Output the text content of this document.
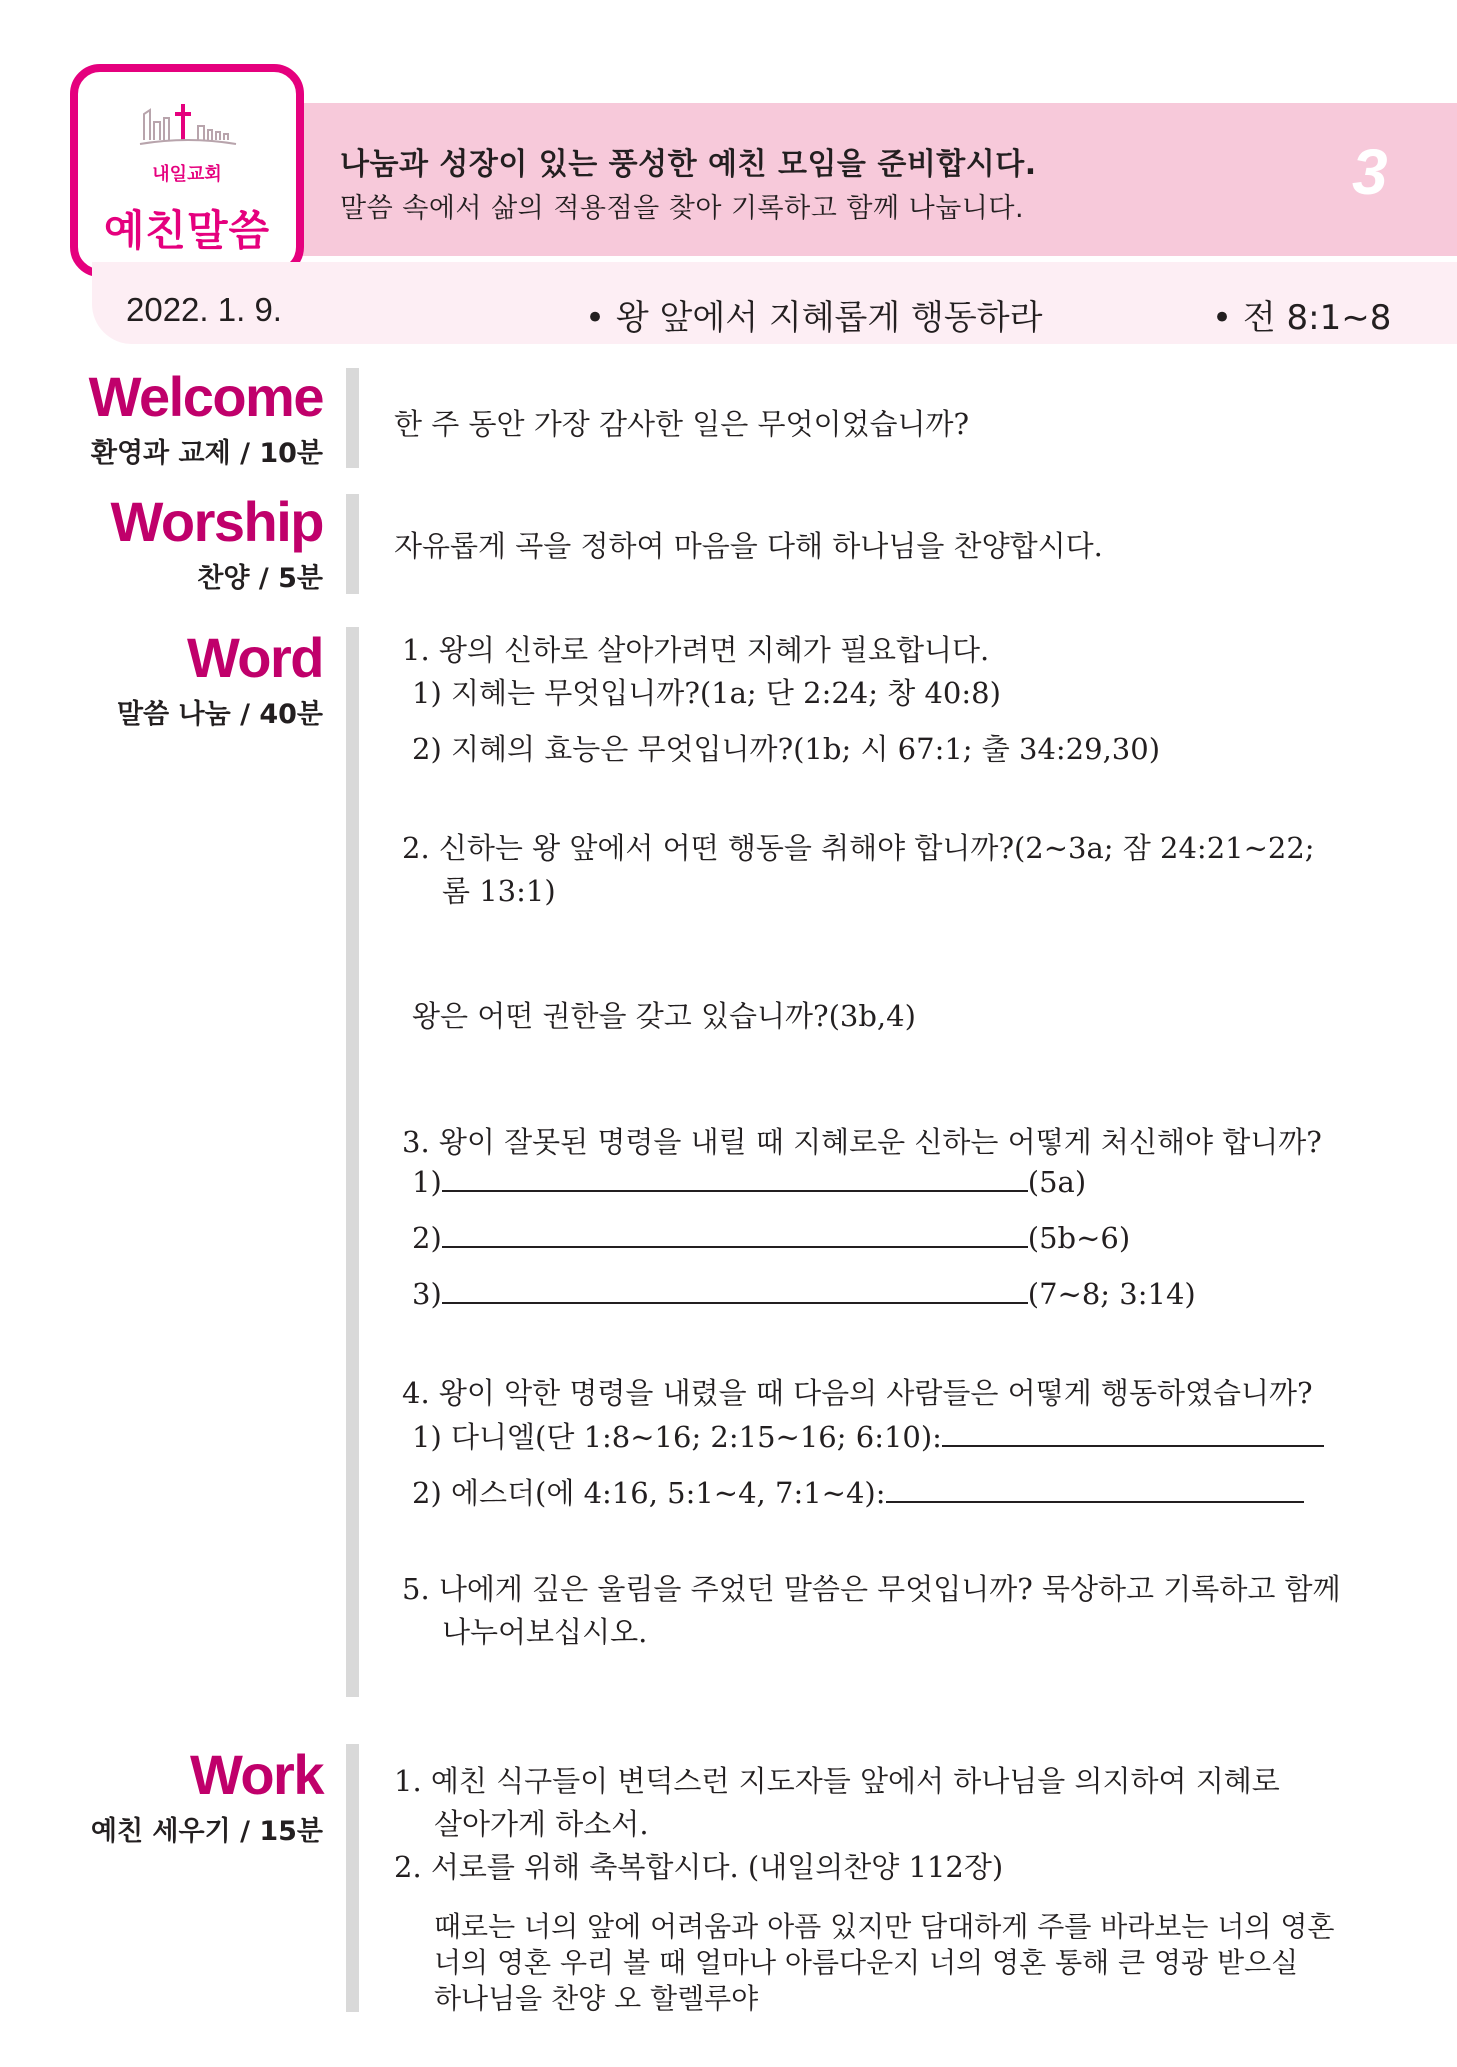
나눔과 성장이 있는 풍성한 예친 모임을 준비합시다.
말씀 속에서 삶의 적용점을 찾아 기록하고 함께 나눕니다.
3
내일교회
예친말씀
2022. 1. 9.	• 왕 앞에서 지혜롭게 행동하라	• 전 8:1∼8
Welcome
환영과 교제 / 10분
한 주 동안 가장 감사한 일은 무엇이었습니까?
Worship
찬양 / 5분
자유롭게 곡을 정하여 마음을 다해 하나님을 찬양합시다.
Word
말씀 나눔 / 40분
1. 왕의 신하로 살아가려면 지혜가 필요합니다.
1) 지혜는 무엇입니까?(1a; 단 2:24; 창 40:8)
2) 지혜의 효능은 무엇입니까?(1b; 시 67:1; 출 34:29,30)
2. 신하는 왕 앞에서 어떤 행동을 취해야 합니까?(2∼3a; 잠 24:21∼22;
롬 13:1)
왕은 어떤 권한을 갖고 있습니까?(3b,4)
3. 왕이 잘못된 명령을 내릴 때 지혜로운 신하는 어떻게 처신해야 합니까?
1)	(5a)
2)	(5b∼6)
3)	(7∼8; 3:14)
4. 왕이 악한 명령을 내렸을 때 다음의 사람들은 어떻게 행동하였습니까?
1) 다니엘(단 1:8∼16; 2:15∼16; 6:10):
2) 에스더(에 4:16, 5:1∼4, 7:1∼4):
5. 나에게 깊은 울림을 주었던 말씀은 무엇입니까? 묵상하고 기록하고 함께
나누어보십시오.
Work
예친 세우기 / 15분
1. 예친 식구들이 변덕스런 지도자들 앞에서 하나님을 의지하여 지혜로
살아가게 하소서.
2. 서로를 위해 축복합시다. (내일의찬양 112장)
때로는 너의 앞에 어려움과 아픔 있지만 담대하게 주를 바라보는 너의 영혼
너의 영혼 우리 볼 때 얼마나 아름다운지 너의 영혼 통해 큰 영광 받으실
하나님을 찬양 오 할렐루야
